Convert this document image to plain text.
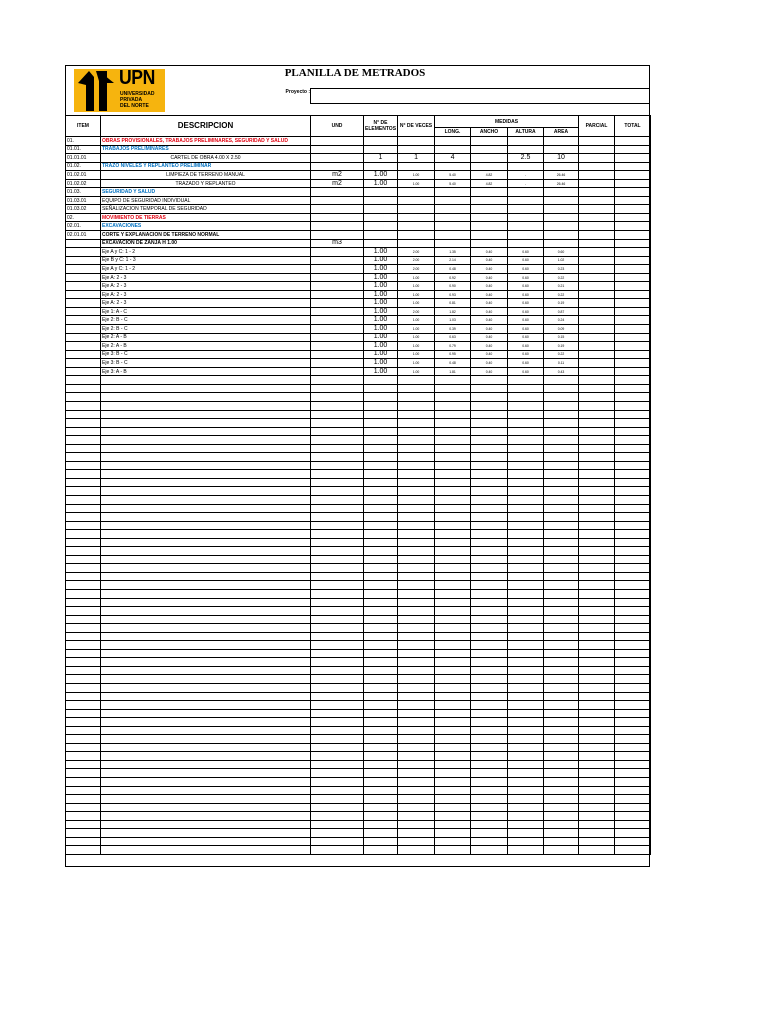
UPN
UNIVERSIDAD
PRIVADA
DEL NORTE
PLANILLA DE METRADOS
Proyecto :
ITEM	DESCRIPCION	UND	N° DE ELEMENTOS	N° DE VECES	MEDIDAS				PARCIAL	TOTAL
					LONG.	ANCHO	ALTURA	AREA		
01.	OBRAS PROVISIONALES, TRABAJOS PRELIMINARES, SEGURIDAD Y SALUD									
01.01.	TRABAJOS PRELIMINARES									
01.01.01	CARTEL DE OBRA 4.00 X 2.50		1	1	4		2.5	10		
01.02.	TRAZO NIVELES Y REPLANTEO PRELIMINAR									
01.02.01	LIMPIEZA DE TERRENO MANUAL	m2	1.00	1.00	5.40	4.82	-	26.46		
01.02.02	TRAZADO Y REPLANTEO	m2	1.00	1.00	5.40	4.82	-	26.46		
01.03.	SEGURIDAD Y SALUD									
01.03.01	EQUIPO DE SEGURIDAD INDIVIDUAL									
01.03.02	SEÑALIZACION TEMPORAL DE SEGURIDAD									
02.	MOVIMIENTO DE TIERRAS									
02.01.	EXCAVACIONES									
02.01.01	CORTE Y EXPLANACION DE TERRENO NORMAL									
	EXCAVACION DE ZANJA H 1.00	m3								
	Eje A y C: 1 - 2		1.00	2.00	1.35	0.40	0.60	0.60		
	Eje B y C: 1 - 3		1.00	2.00	2.14	0.40	0.60	1.02		
	Eje A y C: 1 - 2		1.00	2.00	0.48	0.40	0.60	0.23		
	Eje A: 2 - 3		1.00	1.00	0.92	0.40	0.60	0.22		
	Eje A: 2 - 3		1.00	1.00	0.90	0.40	0.60	0.21		
	Eje A: 2 - 3		1.00	1.00	0.93	0.40	0.60	0.22		
	Eje A: 2 - 3		1.00	1.00	0.81	0.40	0.60	0.19		
	Eje 1: A - C		1.00	2.00	1.82	0.40	0.60	0.87		
	Eje 2: B - C		1.00	1.00	1.03	0.40	0.60	0.24		
	Eje 2: B - C		1.00	1.00	0.39	0.40	0.60	0.09		
	Eje 2: A - B		1.00	1.00	0.63	0.40	0.60	0.15		
	Eje 2: A - B		1.00	1.00	0.79	0.40	0.60	0.19		
	Eje 3: B - C		1.00	1.00	0.95	0.40	0.60	0.22		
	Eje 3: B - C		1.00	1.00	0.48	0.40	0.60	0.11		
	Eje 3: A - B		1.00	1.00	1.81	0.40	0.60	0.43		
